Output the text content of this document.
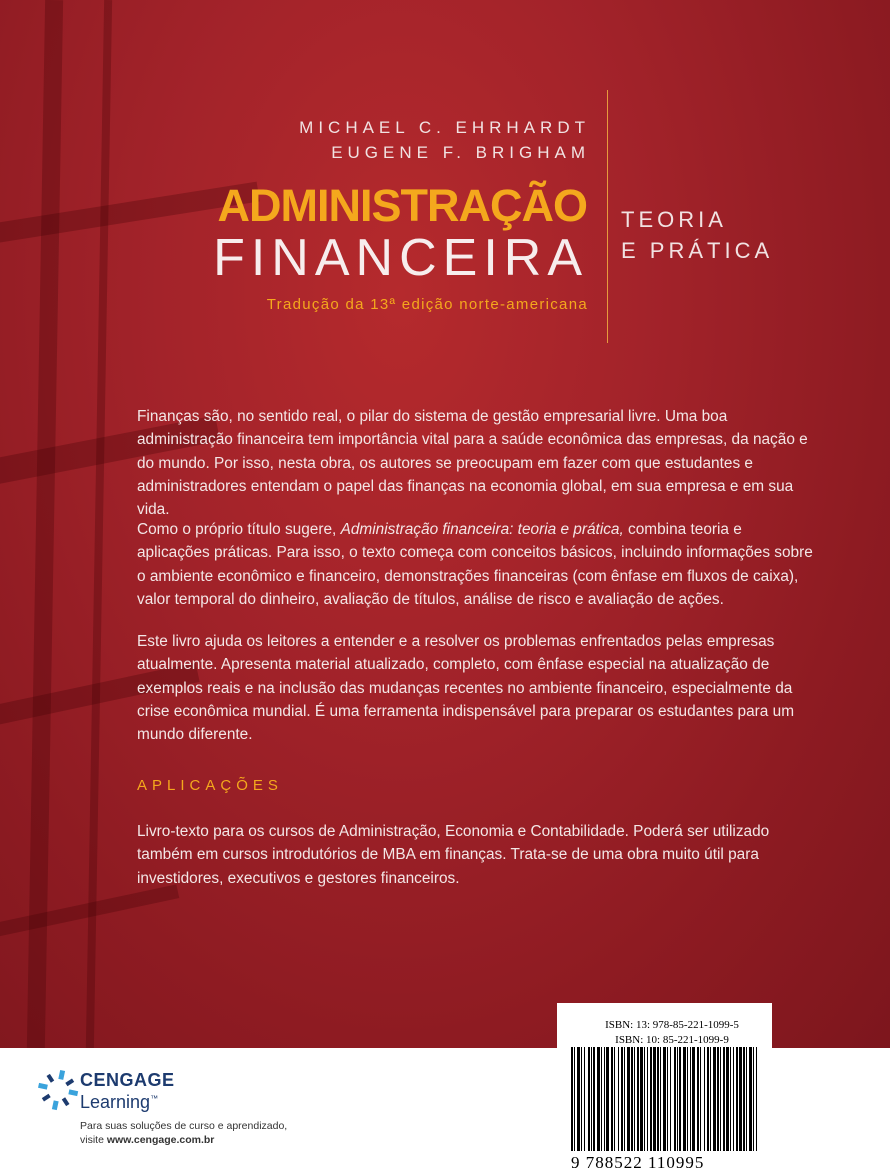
MICHAEL C. EHRHARDT
EUGENE F. BRIGHAM
ADMINISTRAÇÃO
FINANCEIRA
Tradução da 13ª edição norte-americana
TEORIA
E PRÁTICA

Finanças são, no sentido real, o pilar do sistema de gestão empresarial livre. Uma boa administração financeira tem importância vital para a saúde econômica das empresas, da nação e do mundo. Por isso, nesta obra, os autores se preocupam em fazer com que estudantes e administradores entendam o papel das finanças na economia global, em sua empresa e em sua vida.

Como o próprio título sugere, Administração financeira: teoria e prática, combina teoria e aplicações práticas. Para isso, o texto começa com conceitos básicos, incluindo informações sobre o ambiente econômico e financeiro, demonstrações financeiras (com ênfase em fluxos de caixa), valor temporal do dinheiro, avaliação de títulos, análise de risco e avaliação de ações.

Este livro ajuda os leitores a entender e a resolver os problemas enfrentados pelas empresas atualmente. Apresenta material atualizado, completo, com ênfase especial na atualização de exemplos reais e na inclusão das mudanças recentes no ambiente financeiro, especialmente da crise econômica mundial. É uma ferramenta indispensável para preparar os estudantes para um mundo diferente.

APLICAÇÕES

Livro-texto para os cursos de Administração, Economia e Contabilidade. Poderá ser utilizado também em cursos introdutórios de MBA em finanças. Trata-se de uma obra muito útil para investidores, executivos e gestores financeiros.

CENGAGE
Learning™
Para suas soluções de curso e aprendizado,
visite www.cengage.com.br
ISBN: 13: 978-85-221-1099-5
ISBN: 10: 85-221-1099-9
9 788522 110995
